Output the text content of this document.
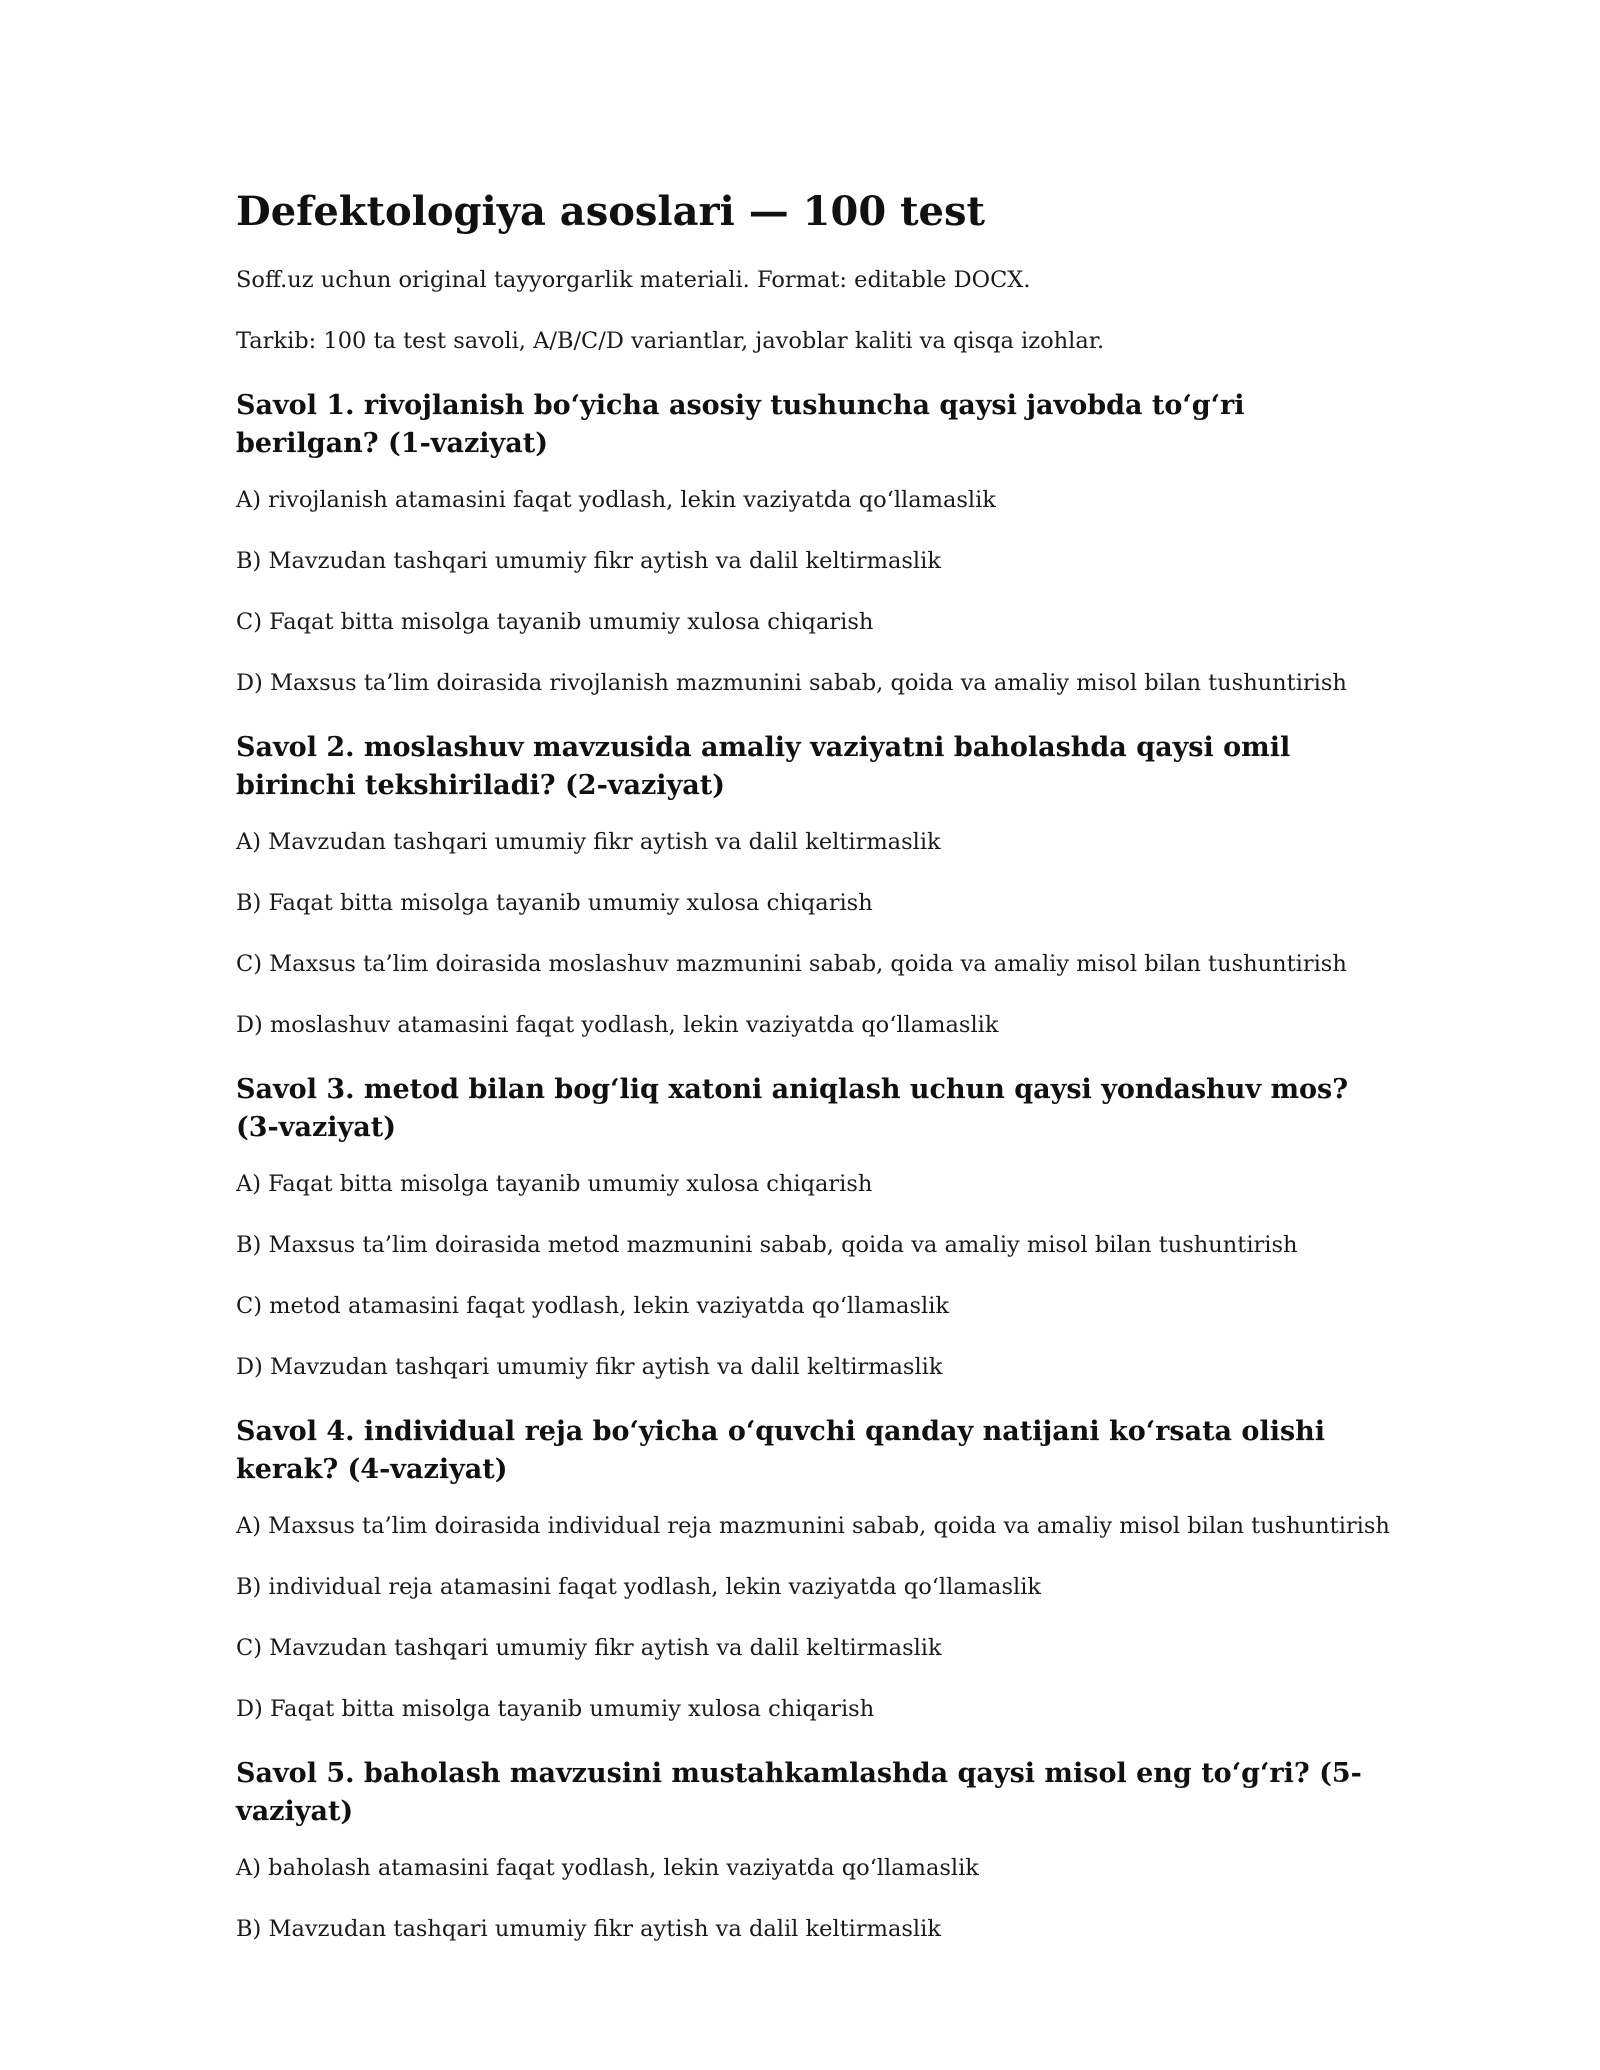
Defektologiya asoslari — 100 test

Soff.uz uchun original tayyorgarlik materiali. Format: editable DOCX.

Tarkib: 100 ta test savoli, A/B/C/D variantlar, javoblar kaliti va qisqa izohlar.

Savol 1. rivojlanish bo‘yicha asosiy tushuncha qaysi javobda to‘g‘ri berilgan? (1-vaziyat)

A) rivojlanish atamasini faqat yodlash, lekin vaziyatda qo‘llamaslik

B) Mavzudan tashqari umumiy fikr aytish va dalil keltirmaslik

C) Faqat bitta misolga tayanib umumiy xulosa chiqarish

D) Maxsus ta’lim doirasida rivojlanish mazmunini sabab, qoida va amaliy misol bilan tushuntirish

Savol 2. moslashuv mavzusida amaliy vaziyatni baholashda qaysi omil birinchi tekshiriladi? (2-vaziyat)

A) Mavzudan tashqari umumiy fikr aytish va dalil keltirmaslik

B) Faqat bitta misolga tayanib umumiy xulosa chiqarish

C) Maxsus ta’lim doirasida moslashuv mazmunini sabab, qoida va amaliy misol bilan tushuntirish

D) moslashuv atamasini faqat yodlash, lekin vaziyatda qo‘llamaslik

Savol 3. metod bilan bog‘liq xatoni aniqlash uchun qaysi yondashuv mos? (3-vaziyat)

A) Faqat bitta misolga tayanib umumiy xulosa chiqarish

B) Maxsus ta’lim doirasida metod mazmunini sabab, qoida va amaliy misol bilan tushuntirish

C) metod atamasini faqat yodlash, lekin vaziyatda qo‘llamaslik

D) Mavzudan tashqari umumiy fikr aytish va dalil keltirmaslik

Savol 4. individual reja bo‘yicha o‘quvchi qanday natijani ko‘rsata olishi kerak? (4-vaziyat)

A) Maxsus ta’lim doirasida individual reja mazmunini sabab, qoida va amaliy misol bilan tushuntirish

B) individual reja atamasini faqat yodlash, lekin vaziyatda qo‘llamaslik

C) Mavzudan tashqari umumiy fikr aytish va dalil keltirmaslik

D) Faqat bitta misolga tayanib umumiy xulosa chiqarish

Savol 5. baholash mavzusini mustahkamlashda qaysi misol eng to‘g‘ri? (5-vaziyat)

A) baholash atamasini faqat yodlash, lekin vaziyatda qo‘llamaslik

B) Mavzudan tashqari umumiy fikr aytish va dalil keltirmaslik
